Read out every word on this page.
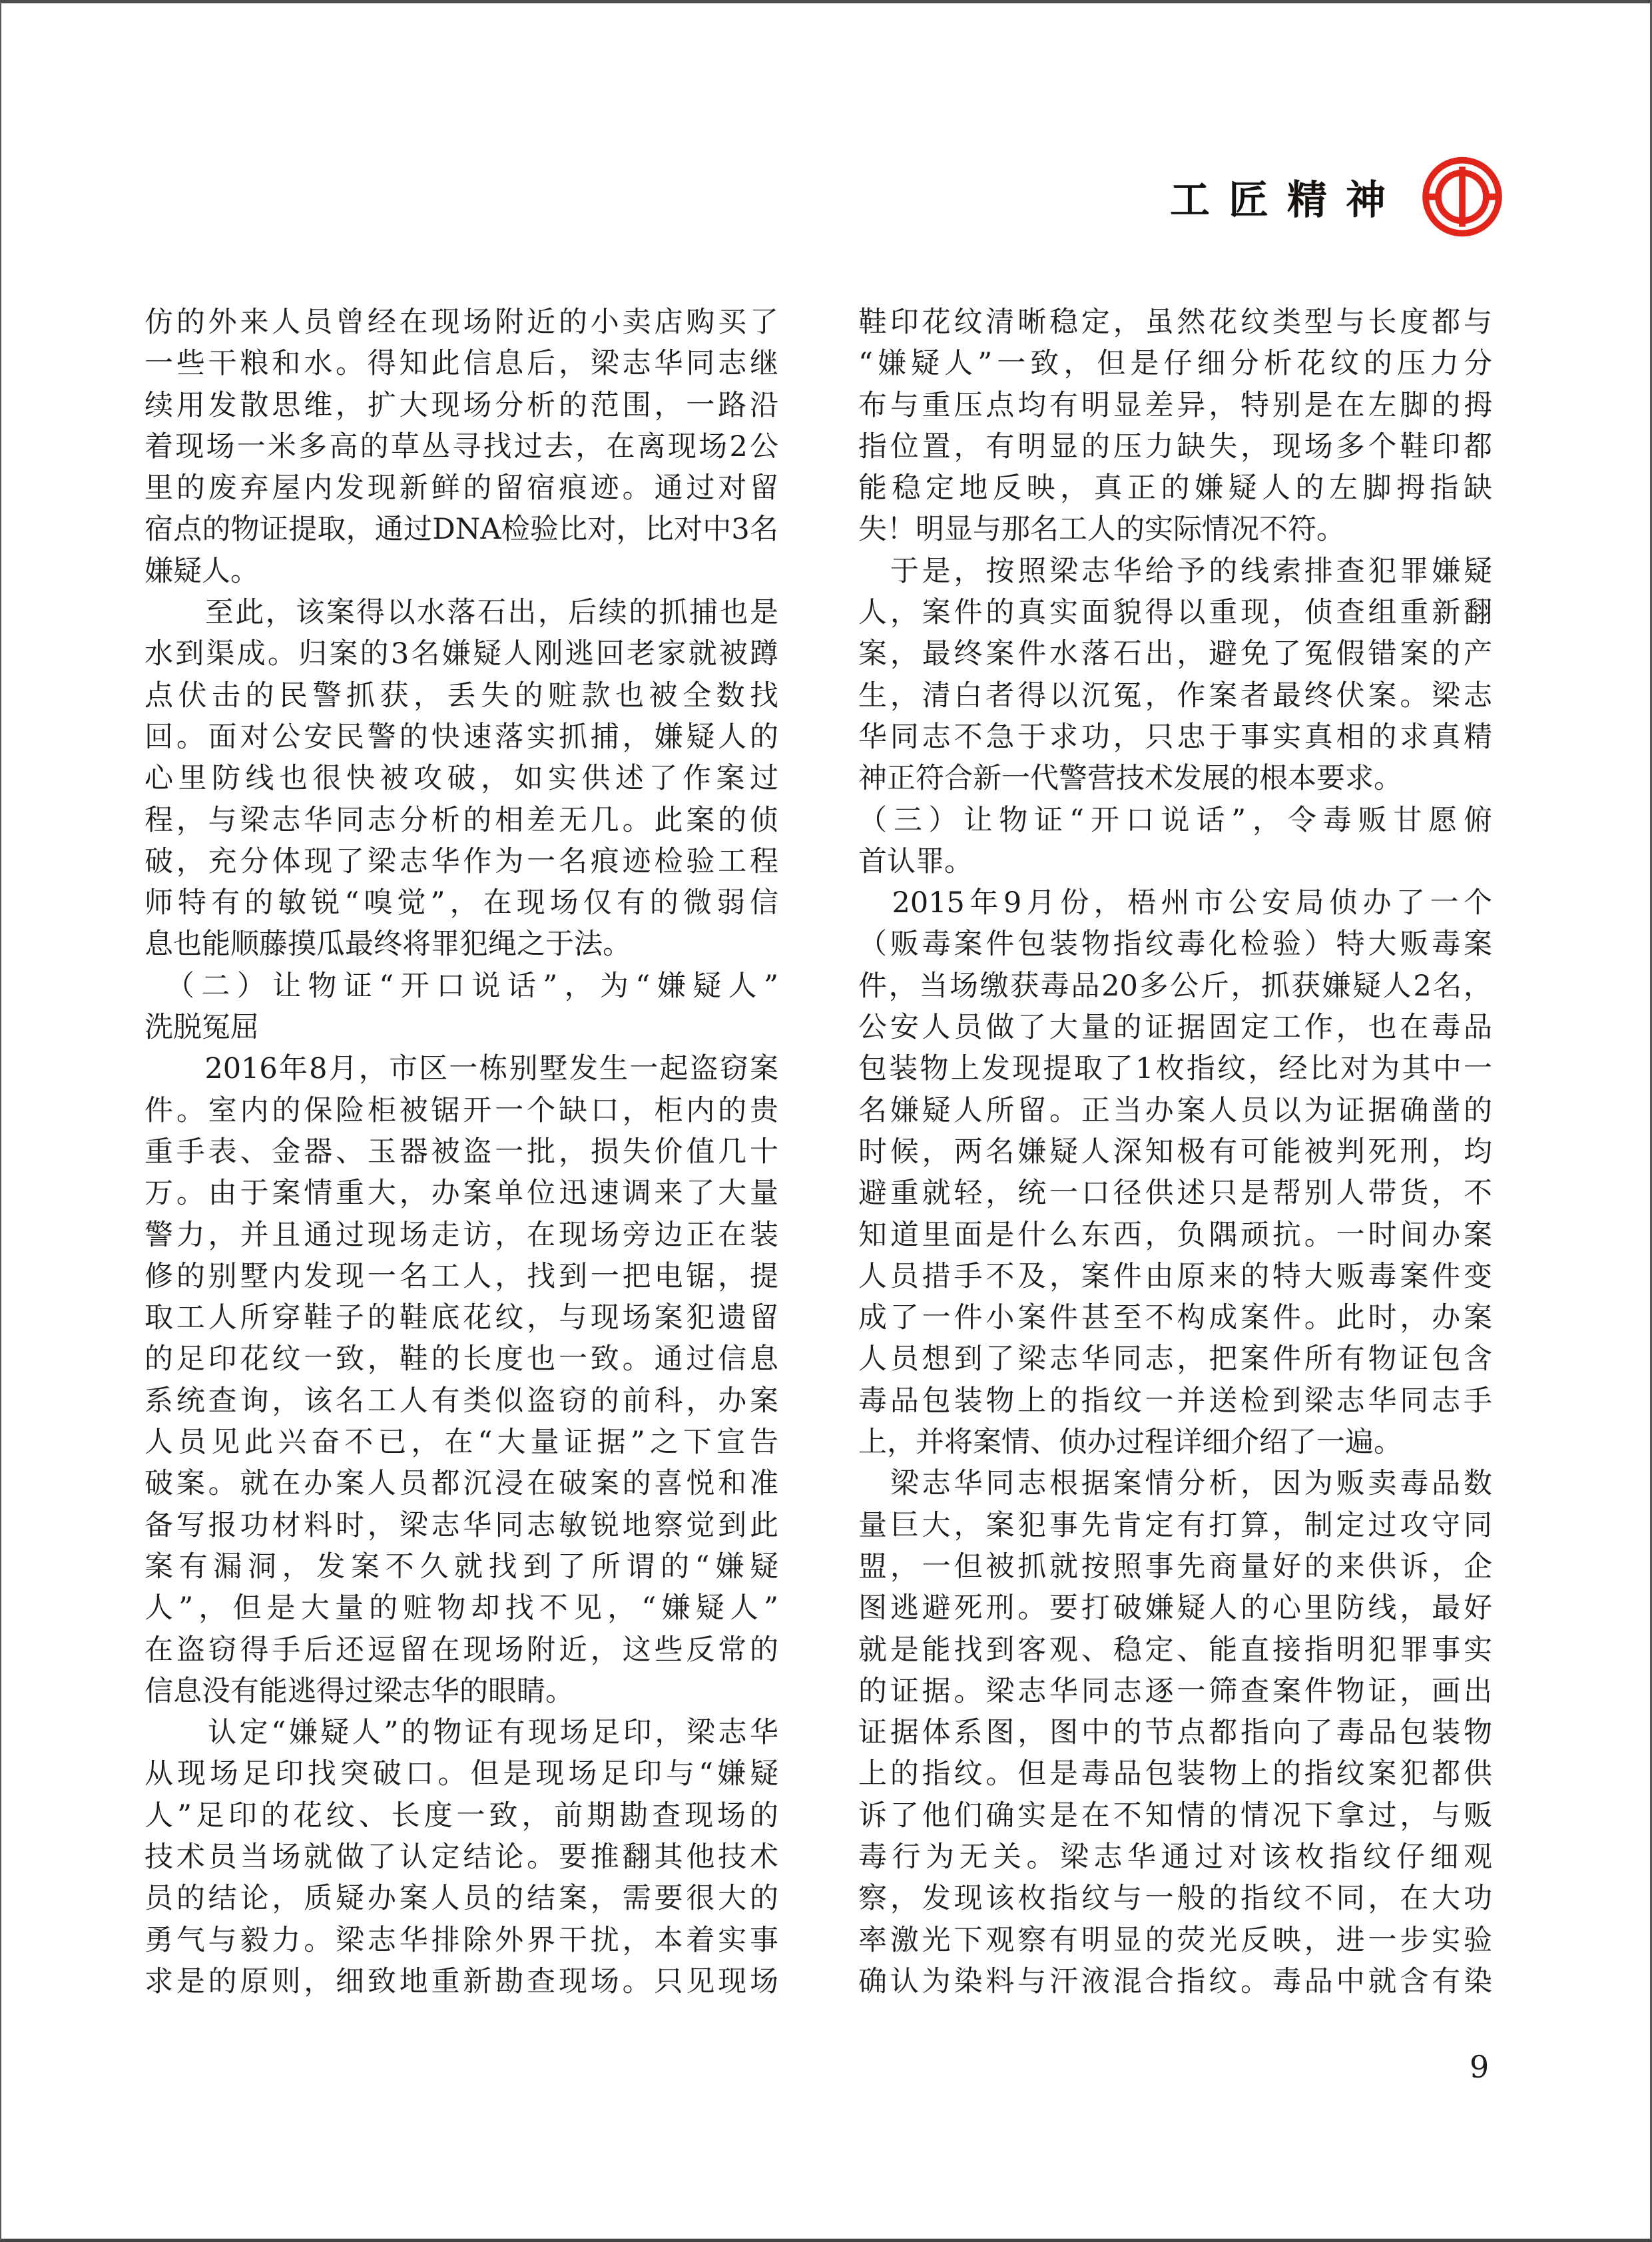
工匠精神
仿的外来人员曾经在现场附近的小卖店购买了
一些干粮和水。得知此信息后，梁志华同志继
续用发散思维，扩大现场分析的范围，一路沿
着现场一米多高的草丛寻找过去，在离现场2公
里的废弃屋内发现新鲜的留宿痕迹。通过对留
宿点的物证提取，通过DNA检验比对，比对中3名
嫌疑人。
　　至此，该案得以水落石出，后续的抓捕也是
水到渠成。归案的3名嫌疑人刚逃回老家就被蹲
点伏击的民警抓获，丢失的赃款也被全数找
回。面对公安民警的快速落实抓捕，嫌疑人的
心里防线也很快被攻破，如实供述了作案过
程，与梁志华同志分析的相差无几。此案的侦
破，充分体现了梁志华作为一名痕迹检验工程
师特有的敏锐“嗅觉”，在现场仅有的微弱信
息也能顺藤摸瓜最终将罪犯绳之于法。
　（二）让物证“开口说话”，为“嫌疑人”
洗脱冤屈
　　2016年8月，市区一栋别墅发生一起盗窃案
件。室内的保险柜被锯开一个缺口，柜内的贵
重手表、金器、玉器被盗一批，损失价值几十
万。由于案情重大，办案单位迅速调来了大量
警力，并且通过现场走访，在现场旁边正在装
修的别墅内发现一名工人，找到一把电锯，提
取工人所穿鞋子的鞋底花纹，与现场案犯遗留
的足印花纹一致，鞋的长度也一致。通过信息
系统查询，该名工人有类似盗窃的前科，办案
人员见此兴奋不已，在“大量证据”之下宣告
破案。就在办案人员都沉浸在破案的喜悦和准
备写报功材料时，梁志华同志敏锐地察觉到此
案有漏洞，发案不久就找到了所谓的“嫌疑
人”，但是大量的赃物却找不见，“嫌疑人”
在盗窃得手后还逗留在现场附近，这些反常的
信息没有能逃得过梁志华的眼睛。
　　认定“嫌疑人”的物证有现场足印，梁志华
从现场足印找突破口。但是现场足印与“嫌疑
人”足印的花纹、长度一致，前期勘查现场的
技术员当场就做了认定结论。要推翻其他技术
员的结论，质疑办案人员的结案，需要很大的
勇气与毅力。梁志华排除外界干扰，本着实事
求是的原则，细致地重新勘查现场。只见现场
鞋印花纹清晰稳定，虽然花纹类型与长度都与
“嫌疑人”一致，但是仔细分析花纹的压力分
布与重压点均有明显差异，特别是在左脚的拇
指位置，有明显的压力缺失，现场多个鞋印都
能稳定地反映，真正的嫌疑人的左脚拇指缺
失！明显与那名工人的实际情况不符。
　于是，按照梁志华给予的线索排查犯罪嫌疑
人，案件的真实面貌得以重现，侦查组重新翻
案，最终案件水落石出，避免了冤假错案的产
生，清白者得以沉冤，作案者最终伏案。梁志
华同志不急于求功，只忠于事实真相的求真精
神正符合新一代警营技术发展的根本要求。
（三）让物证“开口说话”，令毒贩甘愿俯
首认罪。
　2015年9月份，梧州市公安局侦办了一个
（贩毒案件包装物指纹毒化检验）特大贩毒案
件，当场缴获毒品20多公斤，抓获嫌疑人2名，
公安人员做了大量的证据固定工作，也在毒品
包装物上发现提取了1枚指纹，经比对为其中一
名嫌疑人所留。正当办案人员以为证据确凿的
时候，两名嫌疑人深知极有可能被判死刑，均
避重就轻，统一口径供述只是帮别人带货，不
知道里面是什么东西，负隅顽抗。一时间办案
人员措手不及，案件由原来的特大贩毒案件变
成了一件小案件甚至不构成案件。此时，办案
人员想到了梁志华同志，把案件所有物证包含
毒品包装物上的指纹一并送检到梁志华同志手
上，并将案情、侦办过程详细介绍了一遍。
　梁志华同志根据案情分析，因为贩卖毒品数
量巨大，案犯事先肯定有打算，制定过攻守同
盟，一但被抓就按照事先商量好的来供诉，企
图逃避死刑。要打破嫌疑人的心里防线，最好
就是能找到客观、稳定、能直接指明犯罪事实
的证据。梁志华同志逐一筛查案件物证，画出
证据体系图，图中的节点都指向了毒品包装物
上的指纹。但是毒品包装物上的指纹案犯都供
诉了他们确实是在不知情的情况下拿过，与贩
毒行为无关。梁志华通过对该枚指纹仔细观
察，发现该枚指纹与一般的指纹不同，在大功
率激光下观察有明显的荧光反映，进一步实验
确认为染料与汗液混合指纹。毒品中就含有染
9
